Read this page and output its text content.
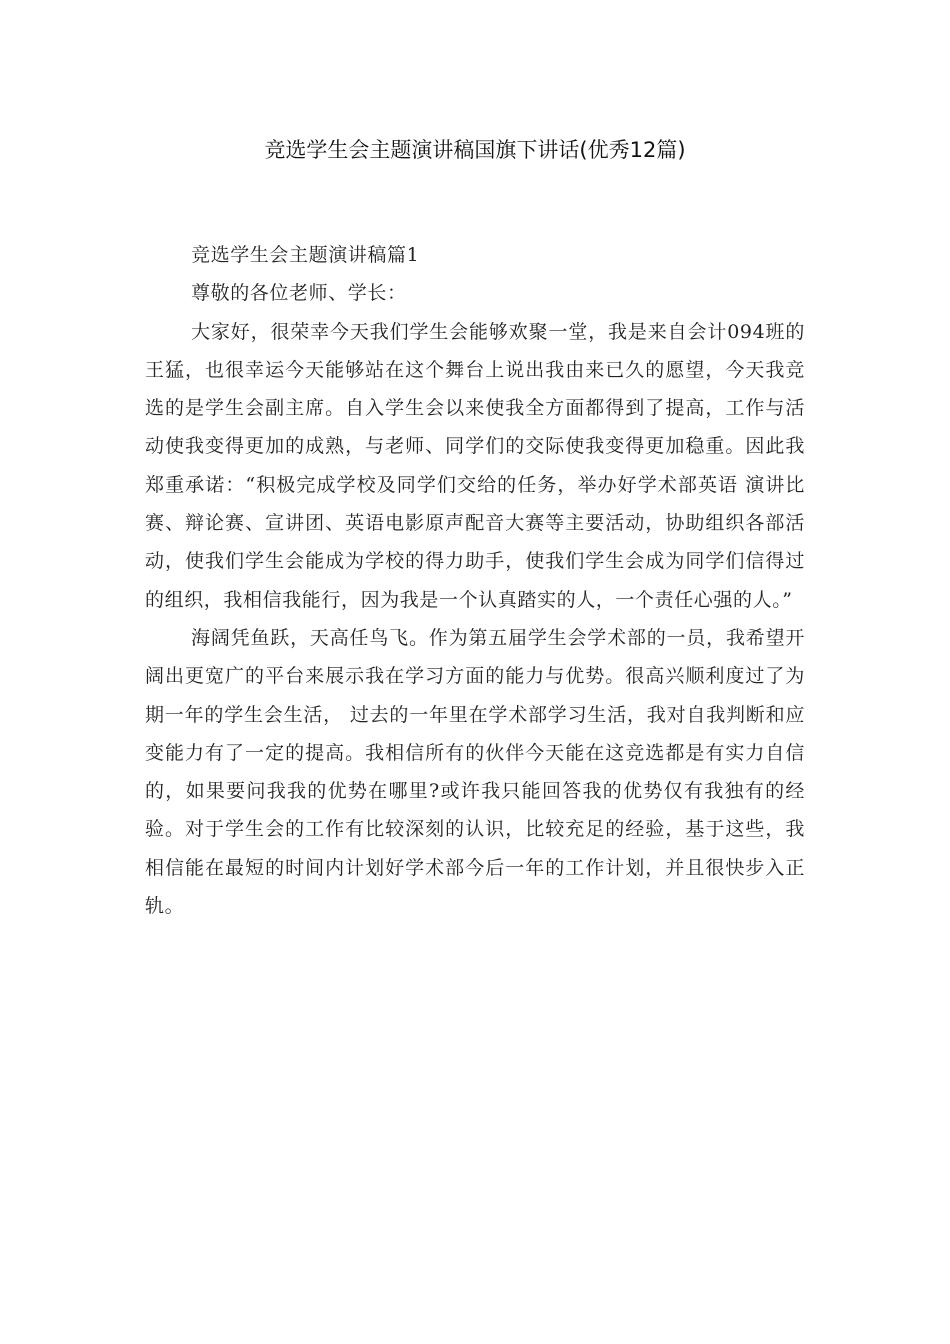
竞选学生会主题演讲稿国旗下讲话(优秀12篇)

竞选学生会主题演讲稿篇1

尊敬的各位老师、学长：

大家好，很荣幸今天我们学生会能够欢聚一堂，我是来自会计094班的王猛，也很幸运今天能够站在这个舞台上说出我由来已久的愿望，今天我竞选的是学生会副主席。自入学生会以来使我全方面都得到了提高，工作与活动使我变得更加的成熟，与老师、同学们的交际使我变得更加稳重。因此我郑重承诺：“积极完成学校及同学们交给的任务，举办好学术部英语 演讲比赛、辩论赛、宣讲团、英语电影原声配音大赛等主要活动，协助组织各部活动，使我们学生会能成为学校的得力助手，使我们学生会成为同学们信得过的组织，我相信我能行，因为我是一个认真踏实的人，一个责任心强的人。”

海阔凭鱼跃，天高任鸟飞。作为第五届学生会学术部的一员，我希望开阔出更宽广的平台来展示我在学习方面的能力与优势。很高兴顺利度过了为期一年的学生会生活， 过去的一年里在学术部学习生活，我对自我判断和应变能力有了一定的提高。我相信所有的伙伴今天能在这竞选都是有实力自信的，如果要问我我的优势在哪里?或许我只能回答我的优势仅有我独有的经验。对于学生会的工作有比较深刻的认识，比较充足的经验，基于这些，我相信能在最短的时间内计划好学术部今后一年的工作计划，并且很快步入正轨。
